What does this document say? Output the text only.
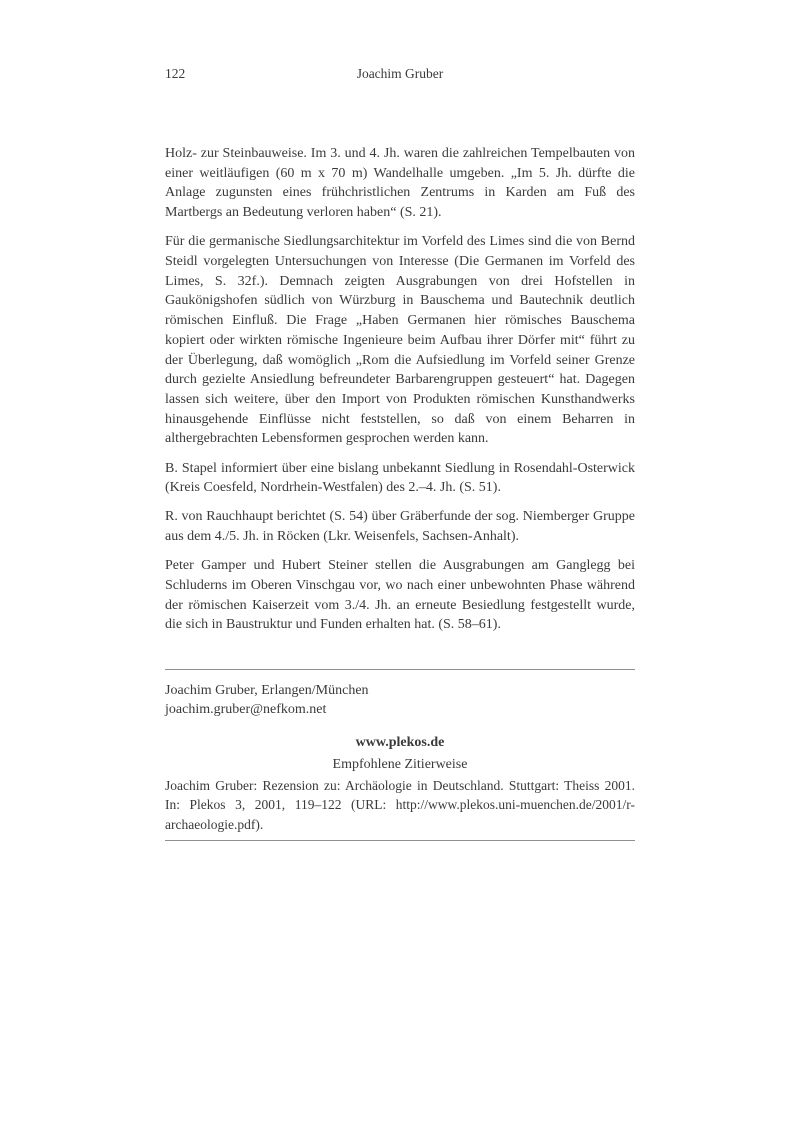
122	Joachim Gruber

Holz- zur Steinbauweise. Im 3. und 4. Jh. waren die zahlreichen Tempelbauten von einer weitläufigen (60 m x 70 m) Wandelhalle umgeben. „Im 5. Jh. dürfte die Anlage zugunsten eines frühchristlichen Zentrums in Karden am Fuß des Martbergs an Bedeutung verloren haben“ (S. 21).

Für die germanische Siedlungsarchitektur im Vorfeld des Limes sind die von Bernd Steidl vorgelegten Untersuchungen von Interesse (Die Germanen im Vorfeld des Limes, S. 32f.). Demnach zeigten Ausgrabungen von drei Hofstellen in Gaukönigshofen südlich von Würzburg in Bauschema und Bautechnik deutlich römischen Einfluß. Die Frage „Haben Germanen hier römisches Bauschema kopiert oder wirkten römische Ingenieure beim Aufbau ihrer Dörfer mit“ führt zu der Überlegung, daß womöglich „Rom die Aufsiedlung im Vorfeld seiner Grenze durch gezielte Ansiedlung befreundeter Barbarengruppen gesteuert“ hat. Dagegen lassen sich weitere, über den Import von Produkten römischen Kunsthandwerks hinausgehende Einflüsse nicht feststellen, so daß von einem Beharren in althergebrachten Lebensformen gesprochen werden kann.

B. Stapel informiert über eine bislang unbekannt Siedlung in Rosendahl-Osterwick (Kreis Coesfeld, Nordrhein-Westfalen) des 2.–4. Jh. (S. 51).

R. von Rauchhaupt berichtet (S. 54) über Gräberfunde der sog. Niemberger Gruppe aus dem 4./5. Jh. in Röcken (Lkr. Weisenfels, Sachsen-Anhalt).

Peter Gamper und Hubert Steiner stellen die Ausgrabungen am Ganglegg bei Schluderns im Oberen Vinschgau vor, wo nach einer unbewohnten Phase während der römischen Kaiserzeit vom 3./4. Jh. an erneute Besiedlung festgestellt wurde, die sich in Baustruktur und Funden erhalten hat. (S. 58–61).

Joachim Gruber, Erlangen/München

joachim.gruber@nefkom.net

www.plekos.de
Empfohlene Zitierweise

Joachim Gruber: Rezension zu: Archäologie in Deutschland. Stuttgart: Theiss 2001. In: Plekos 3, 2001, 119–122 (URL: http://www.plekos.uni-muenchen.de/2001/r-archaeologie.pdf).
